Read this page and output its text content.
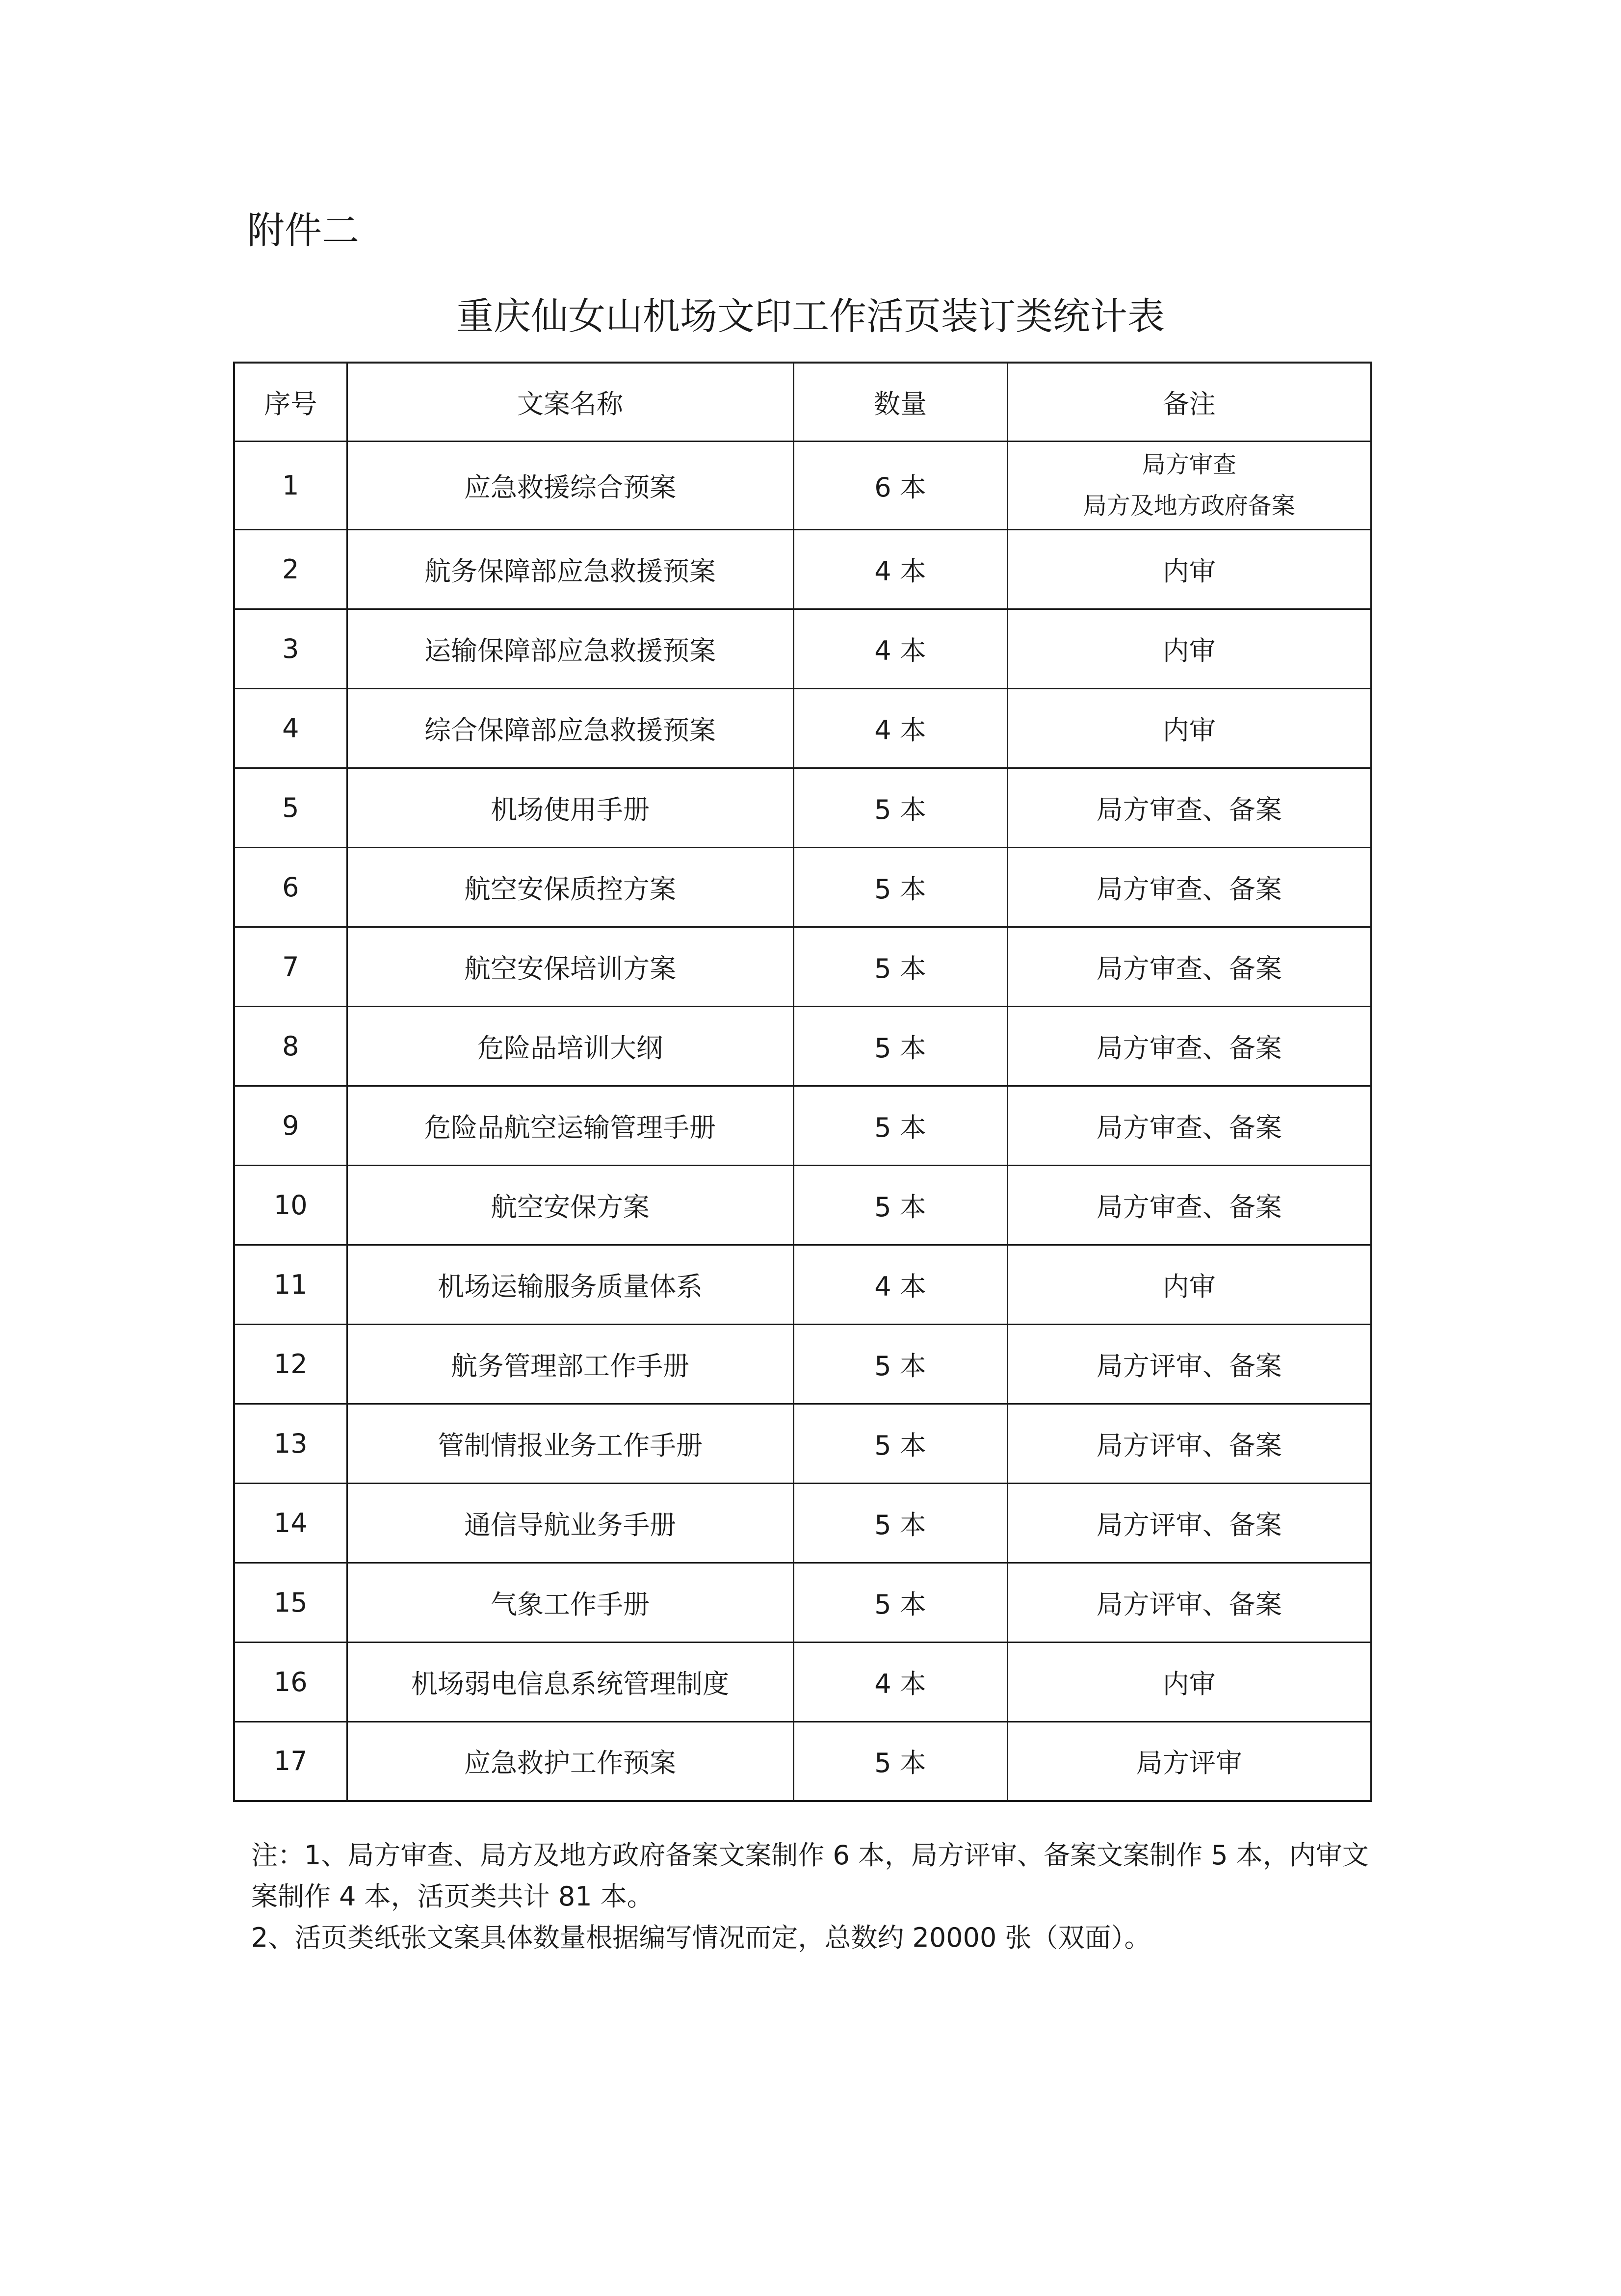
附件二
重庆仙女山机场文印工作活页装订类统计表
序号	文案名称	数量	备注
1	应急救援综合预案	6 本	局方审查
局方及地方政府备案

2	航务保障部应急救援预案	4 本	内审
3	运输保障部应急救援预案	4 本	内审
4	综合保障部应急救援预案	4 本	内审
5	机场使用手册	5 本	局方审查、备案
6	航空安保质控方案	5 本	局方审查、备案
7	航空安保培训方案	5 本	局方审查、备案
8	危险品培训大纲	5 本	局方审查、备案
9	危险品航空运输管理手册	5 本	局方审查、备案
10	航空安保方案	5 本	局方审查、备案
11	机场运输服务质量体系	4 本	内审
12	航务管理部工作手册	5 本	局方评审、备案
13	管制情报业务工作手册	5 本	局方评审、备案
14	通信导航业务手册	5 本	局方评审、备案
15	气象工作手册	5 本	局方评审、备案
16	机场弱电信息系统管理制度	4 本	内审
17	应急救护工作预案	5 本	局方评审

注：1、局方审查、局方及地方政府备案文案制作 6 本，局方评审、备案文案制作 5 本，内审文案制作 4 本，活页类共计 81 本。

2、活页类纸张文案具体数量根据编写情况而定，总数约 20000 张（双面）。
